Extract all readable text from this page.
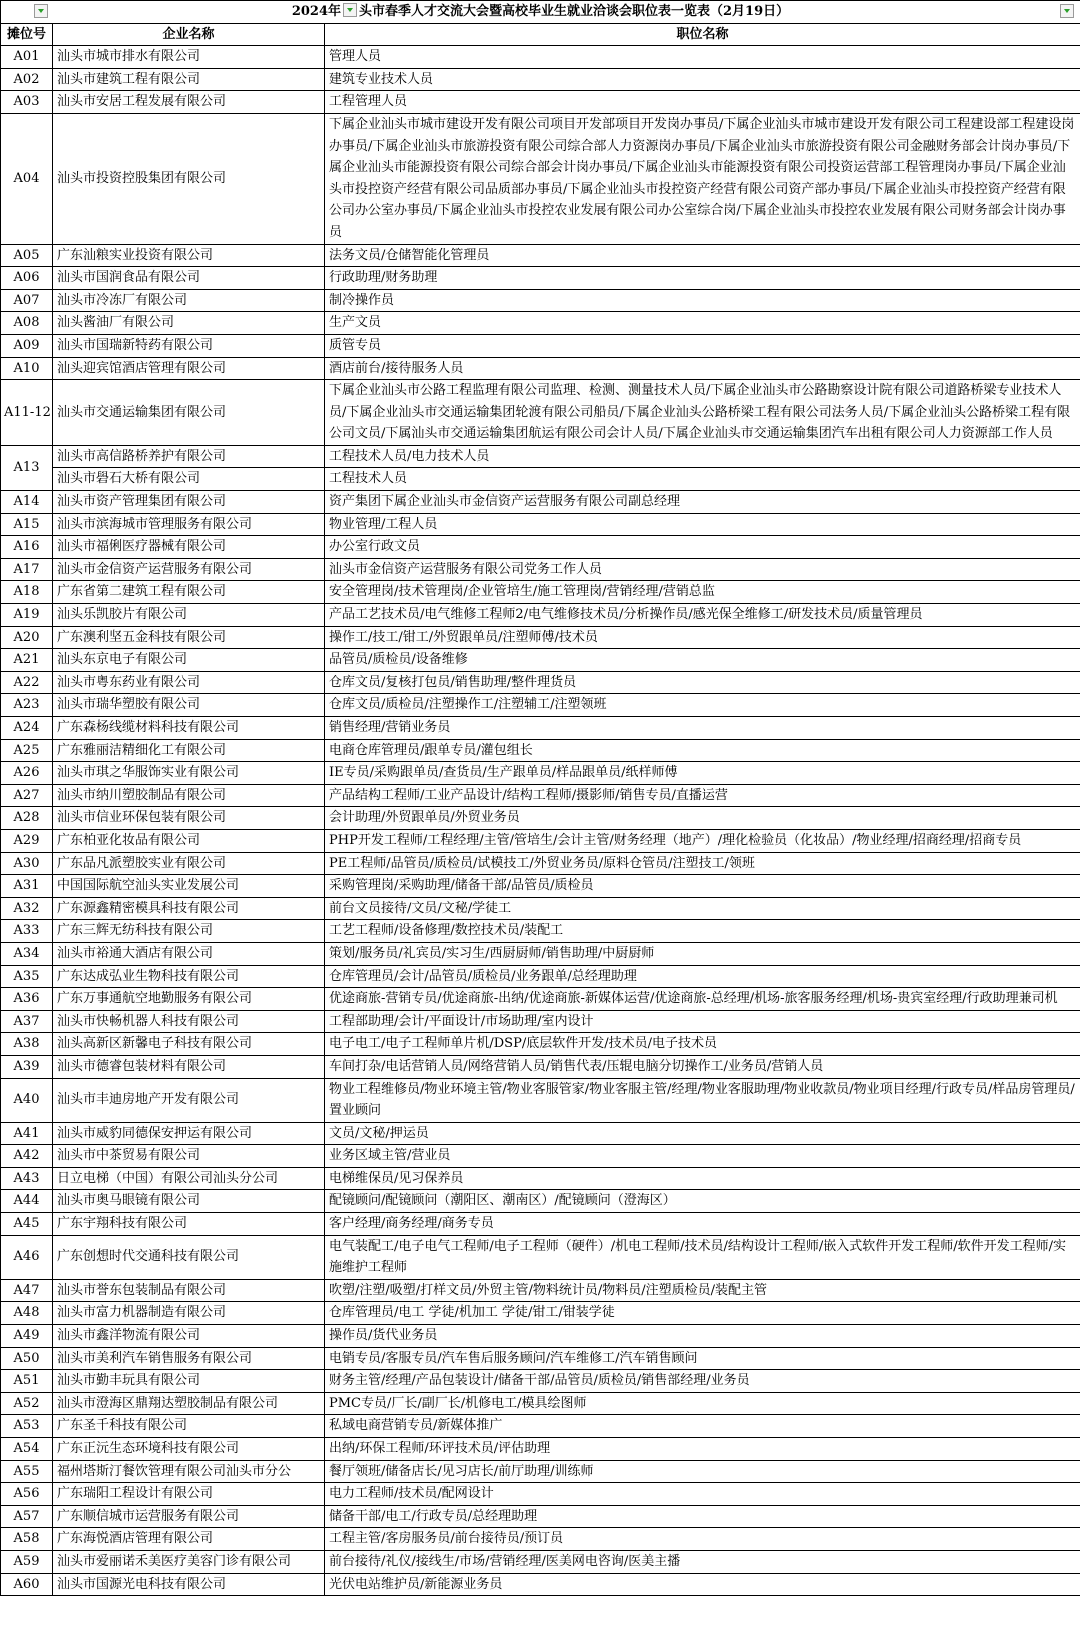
2024年 头市春季人才交流大会暨高校毕业生就业洽谈会职位表一览表（2月19日）		

摊位号	企业名称	职位名称
A01	汕头市城市排水有限公司	管理人员
A02	汕头市建筑工程有限公司	建筑专业技术人员
A03	汕头市安居工程发展有限公司	工程管理人员
A04	汕头市投资控股集团有限公司	下属企业汕头市城市建设开发有限公司项目开发部项目开发岗办事员/下属企业汕头市城市建设开发有限公司工程建设部工程建设岗办事员/下属企业汕头市旅游投资有限公司综合部人力资源岗办事员/下属企业汕头市旅游投资有限公司金融财务部会计岗办事员/下属企业汕头市能源投资有限公司综合部会计岗办事员/下属企业汕头市能源投资有限公司投资运营部工程管理岗办事员/下属企业汕头市投控资产经营有限公司品质部办事员/下属企业汕头市投控资产经营有限公司资产部办事员/下属企业汕头市投控资产经营有限公司办公室办事员/下属企业汕头市投控农业发展有限公司办公室综合岗/下属企业汕头市投控农业发展有限公司财务部会计岗办事员
A05	广东汕粮实业投资有限公司	法务文员/仓储智能化管理员
A06	汕头市国润食品有限公司	行政助理/财务助理
A07	汕头市冷冻厂有限公司	制冷操作员
A08	汕头酱油厂有限公司	生产文员
A09	汕头市国瑞新特药有限公司	质管专员
A10	汕头迎宾馆酒店管理有限公司	酒店前台/接待服务人员
A11-12	汕头市交通运输集团有限公司	下属企业汕头市公路工程监理有限公司监理、检测、测量技术人员/下属企业汕头市公路勘察设计院有限公司道路桥梁专业技术人员/下属企业汕头市交通运输集团轮渡有限公司船员/下属企业汕头公路桥梁工程有限公司法务人员/下属企业汕头公路桥梁工程有限公司文员/下属汕头市交通运输集团航运有限公司会计人员/下属企业汕头市交通运输集团汽车出租有限公司人力资源部工作人员
A13	汕头市高信路桥养护有限公司	工程技术人员/电力技术人员
	汕头市礐石大桥有限公司	工程技术人员
A14	汕头市资产管理集团有限公司	资产集团下属企业汕头市金信资产运营服务有限公司副总经理
A15	汕头市滨海城市管理服务有限公司	物业管理/工程人员
A16	汕头市福俐医疗器械有限公司	办公室行政文员
A17	汕头市金信资产运营服务有限公司	汕头市金信资产运营服务有限公司党务工作人员
A18	广东省第二建筑工程有限公司	安全管理岗/技术管理岗/企业管培生/施工管理岗/营销经理/营销总监
A19	汕头乐凯胶片有限公司	产品工艺技术员/电气维修工程师2/电气维修技术员/分析操作员/感光保全维修工/研发技术员/质量管理员
A20	广东澳利坚五金科技有限公司	操作工/技工/钳工/外贸跟单员/注塑师傅/技术员
A21	汕头东京电子有限公司	品管员/质检员/设备维修
A22	汕头市粤东药业有限公司	仓库文员/复核打包员/销售助理/整件理货员
A23	汕头市瑞华塑胶有限公司	仓库文员/质检员/注塑操作工/注塑辅工/注塑领班
A24	广东森杨线缆材料科技有限公司	销售经理/营销业务员
A25	广东雅丽洁精细化工有限公司	电商仓库管理员/跟单专员/灌包组长
A26	汕头市琪之华服饰实业有限公司	IE专员/采购跟单员/查货员/生产跟单员/样品跟单员/纸样师傅
A27	汕头市纳川塑胶制品有限公司	产品结构工程师/工业产品设计/结构工程师/摄影师/销售专员/直播运营
A28	汕头市信业环保包装有限公司	会计助理/外贸跟单员/外贸业务员
A29	广东柏亚化妆品有限公司	PHP开发工程师/工程经理/主管/管培生/会计主管/财务经理（地产）/理化检验员（化妆品）/物业经理/招商经理/招商专员
A30	广东品凡派塑胶实业有限公司	PE工程师/品管员/质检员/试模技工/外贸业务员/原料仓管员/注塑技工/领班
A31	中国国际航空汕头实业发展公司	采购管理岗/采购助理/储备干部/品管员/质检员
A32	广东源鑫精密模具科技有限公司	前台文员接待/文员/文秘/学徒工
A33	广东三辉无纺科技有限公司	工艺工程师/设备修理/数控技术员/装配工
A34	汕头市裕通大酒店有限公司	策划/服务员/礼宾员/实习生/西厨厨师/销售助理/中厨厨师
A35	广东达成弘业生物科技有限公司	仓库管理员/会计/品管员/质检员/业务跟单/总经理助理
A36	广东万事通航空地勤服务有限公司	优途商旅-营销专员/优途商旅-出纳/优途商旅-新媒体运营/优途商旅-总经理/机场-旅客服务经理/机场-贵宾室经理/行政助理兼司机
A37	汕头市快畅机器人科技有限公司	工程部助理/会计/平面设计/市场助理/室内设计
A38	汕头高新区新馨电子科技有限公司	电子电工/电子工程师单片机/DSP/底层软件开发/技术员/电子技术员
A39	汕头市德睿包装材料有限公司	车间打杂/电话营销人员/网络营销人员/销售代表/压辊电脑分切操作工/业务员/营销人员
A40	汕头市丰迪房地产开发有限公司	物业工程维修员/物业环境主管/物业客服管家/物业客服主管/经理/物业客服助理/物业收款员/物业项目经理/行政专员/样品房管理员/置业顾问
A41	汕头市威豹同德保安押运有限公司	文员/文秘/押运员
A42	汕头市中茶贸易有限公司	业务区域主管/营业员
A43	日立电梯（中国）有限公司汕头分公司	电梯维保员/见习保养员
A44	汕头市奥马眼镜有限公司	配镜顾问/配镜顾问（潮阳区、潮南区）/配镜顾问（澄海区）
A45	广东宇翔科技有限公司	客户经理/商务经理/商务专员
A46	广东创想时代交通科技有限公司	电气装配工/电子电气工程师/电子工程师（硬件）/机电工程师/技术员/结构设计工程师/嵌入式软件开发工程师/软件开发工程师/实施维护工程师
A47	汕头市誉东包装制品有限公司	吹塑/注塑/吸塑/打样文员/外贸主管/物料统计员/物料员/注塑质检员/装配主管
A48	汕头市富力机器制造有限公司	仓库管理员/电工 学徒/机加工 学徒/钳工/钳装学徒
A49	汕头市鑫洋物流有限公司	操作员/货代业务员
A50	汕头市美利汽车销售服务有限公司	电销专员/客服专员/汽车售后服务顾问/汽车维修工/汽车销售顾问
A51	汕头市勤丰玩具有限公司	财务主管/经理/产品包装设计/储备干部/品管员/质检员/销售部经理/业务员
A52	汕头市澄海区鼎翔达塑胶制品有限公司	PMC专员/厂长/副厂长/机修电工/模具绘图师
A53	广东圣千科技有限公司	私域电商营销专员/新媒体推广
A54	广东正沅生态环境科技有限公司	出纳/环保工程师/环评技术员/评估助理
A55	福州塔斯汀餐饮管理有限公司汕头市分公	餐厅领班/储备店长/见习店长/前厅助理/训练师
A56	广东瑞阳工程设计有限公司	电力工程师/技术员/配网设计
A57	广东顺信城市运营服务有限公司	储备干部/电工/行政专员/总经理助理
A58	广东海悦酒店管理有限公司	工程主管/客房服务员/前台接待员/预订员
A59	汕头市爱丽诺禾美医疗美容门诊有限公司	前台接待/礼仪/接线生/市场/营销经理/医美网电咨询/医美主播
A60	汕头市国源光电科技有限公司	光伏电站维护员/新能源业务员
